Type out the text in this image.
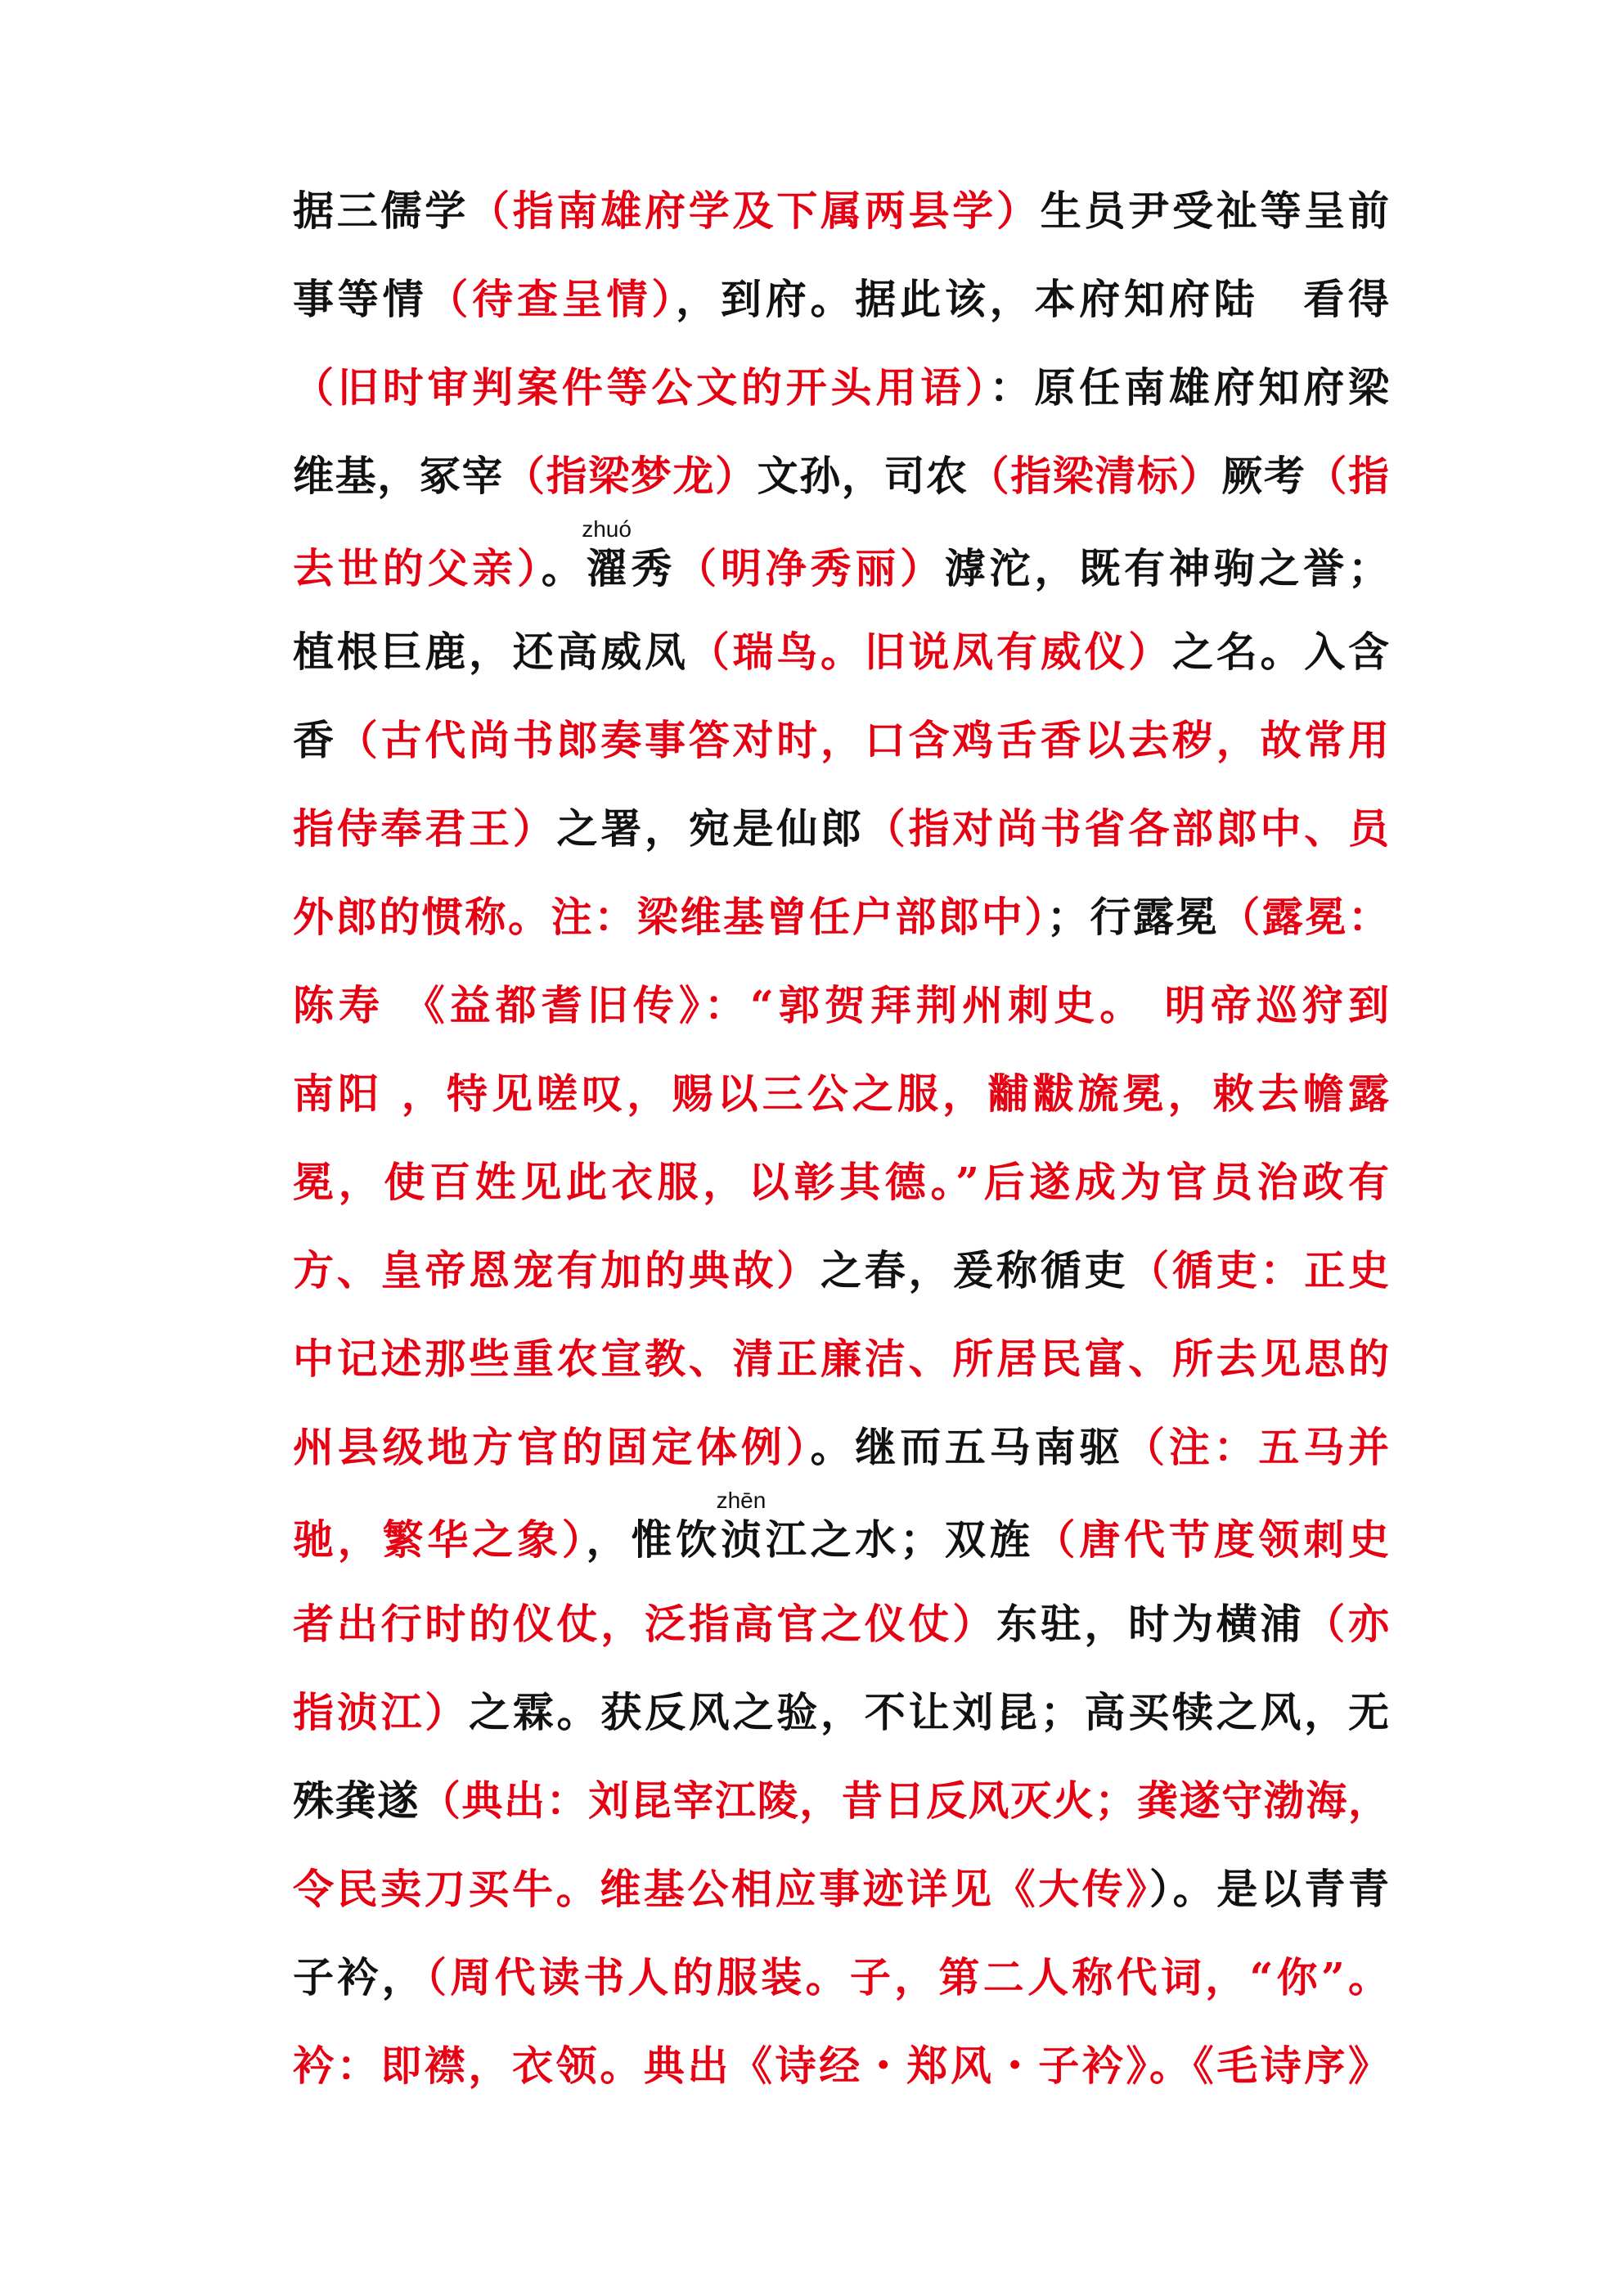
据三儒学（指南雄府学及下属两县学）生员尹受祉等呈前
事等情（待查呈情），到府。据此该，本府知府陆　看得
（旧时审判案件等公文的开头用语）：原任南雄府知府梁
维基，冢宰（指梁梦龙）文孙，司农（指梁清标）厥考（指
去世的父亲）。濯
zhuó
秀（明净秀丽）滹沱，既有神驹之誉；
植根巨鹿，还高威凤（瑞鸟。旧说凤有威仪）之名。入含
香（古代尚书郎奏事答对时，口含鸡舌香以去秽，故常用
指侍奉君王）之署，宛是仙郎（指对尚书省各部郎中、员
外郎的惯称。注：梁维基曾任户部郎中）；行露冕（露冕：
陈寿 《益都耆旧传》：“郭贺拜荆州刺史。 明帝巡狩到
南阳 ，特见嗟叹，赐以三公之服，黼黻旒冕，敕去幨露
冕，使百姓见此衣服，以彰其德。”后遂成为官员治政有
方、皇帝恩宠有加的典故）之春，爰称循吏（循吏：正史
中记述那些重农宣教、清正廉洁、所居民富、所去见思的
州县级地方官的固定体例）。继而五马南驱（注：五马并
驰，繁华之象），惟饮浈
zhēn
江之水；双旌（唐代节度领刺史
者出行时的仪仗，泛指高官之仪仗）东驻，时为横浦（亦
指浈江）之霖。获反风之验，不让刘昆；高买犊之风，无
殊龚遂（典出：刘昆宰江陵，昔日反风灭火；龚遂守渤海，
令民卖刀买牛。维基公相应事迹详见《大传》）。是以青青
子衿，（周代读书人的服装。子，第二人称代词，“你”。
衿：即襟，衣领。典出《诗经・郑风・子衿》。《毛诗序》
